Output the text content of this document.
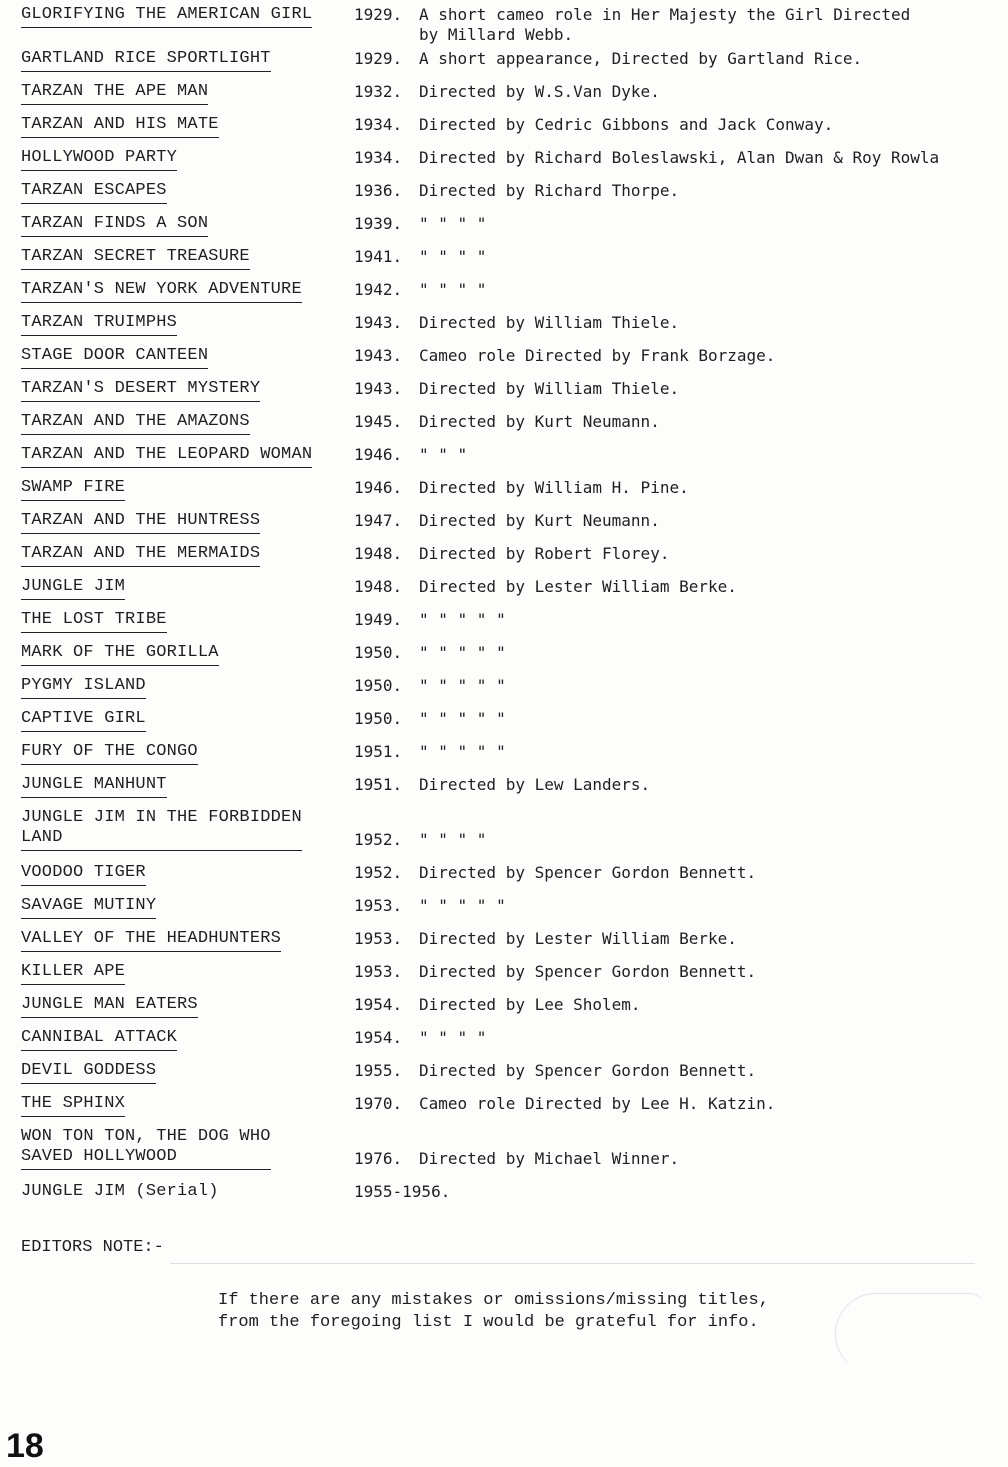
GLORIFYING THE AMERICAN GIRL	1929. A short cameo role in Her Majesty the Girl Directed
by Millard Webb.
GARTLAND RICE SPORTLIGHT	1929. A short appearance, Directed by Gartland Rice.
TARZAN THE APE MAN	1932. Directed by W.S.Van Dyke.
TARZAN AND HIS MATE	1934. Directed by Cedric Gibbons and Jack Conway.
HOLLYWOOD PARTY	1934. Directed by Richard Boleslawski, Alan Dwan & Roy Rowla
TARZAN ESCAPES	1936. Directed by Richard Thorpe.
TARZAN FINDS A SON	1939. " " " "
TARZAN SECRET TREASURE	1941. " " " "
TARZAN'S NEW YORK ADVENTURE	1942. " " " "
TARZAN TRUIMPHS	1943. Directed by William Thiele.
STAGE DOOR CANTEEN	1943. Cameo role Directed by Frank Borzage.
TARZAN'S DESERT MYSTERY	1943. Directed by William Thiele.
TARZAN AND THE AMAZONS	1945. Directed by Kurt Neumann.
TARZAN AND THE LEOPARD WOMAN	1946. " " "
SWAMP FIRE	1946. Directed by William H. Pine.
TARZAN AND THE HUNTRESS	1947. Directed by Kurt Neumann.
TARZAN AND THE MERMAIDS	1948. Directed by Robert Florey.
JUNGLE JIM	1948. Directed by Lester William Berke.
THE LOST TRIBE	1949. " " " " "
MARK OF THE GORILLA	1950. " " " " "
PYGMY ISLAND	1950. " " " " "
CAPTIVE GIRL	1950. " " " " "
FURY OF THE CONGO	1951. " " " " "
JUNGLE MANHUNT	1951. Directed by Lew Landers.
JUNGLE JIM IN THE FORBIDDEN
LAND	1952. " " " "
VOODOO TIGER	1952. Directed by Spencer Gordon Bennett.
SAVAGE MUTINY	1953. " " " " "
VALLEY OF THE HEADHUNTERS	1953. Directed by Lester William Berke.
KILLER APE	1953. Directed by Spencer Gordon Bennett.
JUNGLE MAN EATERS	1954. Directed by Lee Sholem.
CANNIBAL ATTACK	1954. " " " "
DEVIL GODDESS	1955. Directed by Spencer Gordon Bennett.
THE SPHINX	1970. Cameo role Directed by Lee H. Katzin.
WON TON TON, THE DOG WHO
SAVED HOLLYWOOD	1976. Directed by Michael Winner.
JUNGLE JIM (Serial)	1955-1956.
EDITORS NOTE:-
If there are any mistakes or omissions/missing titles,
from the foregoing list I would be grateful for info.
18
